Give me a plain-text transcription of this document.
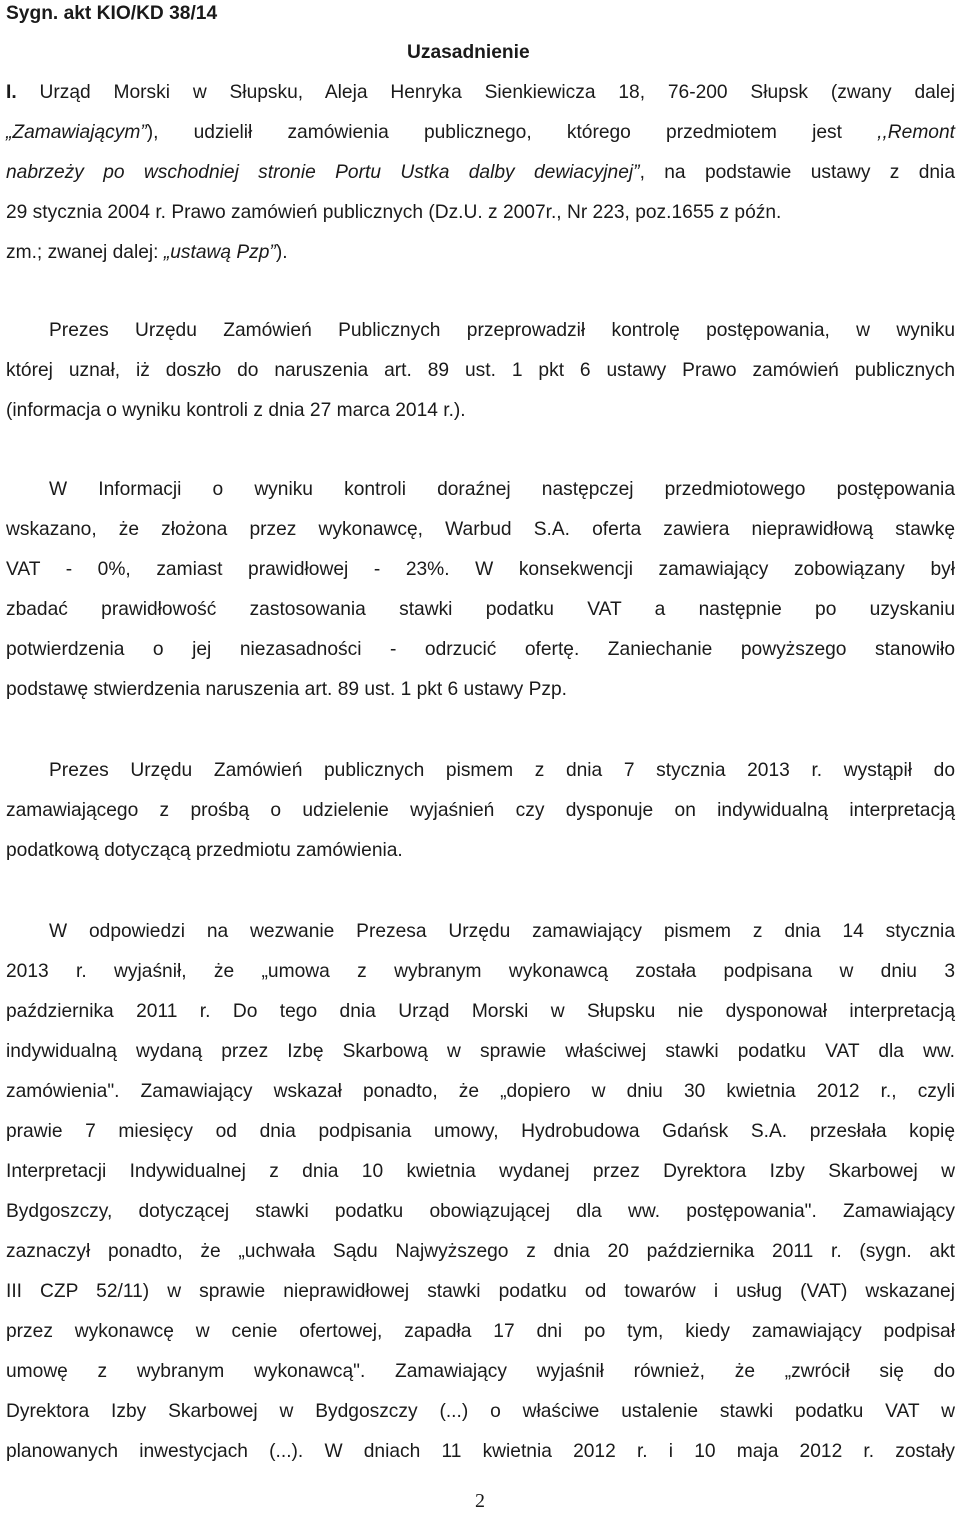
Sygn. akt KIO/KD 38/14
Uzasadnienie
I. Urząd Morski w Słupsku, Aleja Henryka Sienkiewicza 18, 76-200 Słupsk (zwany dalej
„Zamawiającym”), udzielił zamówienia publicznego, którego przedmiotem jest ,,Remont
nabrzeży po wschodniej stronie Portu Ustka dalby dewiacyjnej”, na podstawie ustawy z dnia
29 stycznia 2004 r. Prawo zamówień publicznych (Dz.U. z 2007r., Nr 223, poz.1655 z późn.
zm.; zwanej dalej: „ustawą Pzp”).
Prezes Urzędu Zamówień Publicznych przeprowadził kontrolę postępowania, w wyniku
której uznał, iż doszło do naruszenia art. 89 ust. 1 pkt 6 ustawy Prawo zamówień publicznych
(informacja o wyniku kontroli z dnia 27 marca 2014 r.).
W Informacji o wyniku kontroli doraźnej następczej przedmiotowego postępowania
wskazano, że złożona przez wykonawcę, Warbud S.A. oferta zawiera nieprawidłową stawkę
VAT - 0%, zamiast prawidłowej - 23%. W konsekwencji zamawiający zobowiązany był
zbadać prawidłowość zastosowania stawki podatku VAT a następnie po uzyskaniu
potwierdzenia o jej niezasadności - odrzucić ofertę. Zaniechanie powyższego stanowiło
podstawę stwierdzenia naruszenia art. 89 ust. 1 pkt 6 ustawy Pzp.
Prezes Urzędu Zamówień publicznych pismem z dnia 7 stycznia 2013 r. wystąpił do
zamawiającego z prośbą o udzielenie wyjaśnień czy dysponuje on indywidualną interpretacją
podatkową dotyczącą przedmiotu zamówienia.
W odpowiedzi na wezwanie Prezesa Urzędu zamawiający pismem z dnia 14 stycznia
2013 r. wyjaśnił, że „umowa z wybranym wykonawcą została podpisana w dniu 3
października 2011 r. Do tego dnia Urząd Morski w Słupsku nie dysponował interpretacją
indywidualną wydaną przez Izbę Skarbową w sprawie właściwej stawki podatku VAT dla ww.
zamówienia". Zamawiający wskazał ponadto, że „dopiero w dniu 30 kwietnia 2012 r., czyli
prawie 7 miesięcy od dnia podpisania umowy, Hydrobudowa Gdańsk S.A. przesłała kopię
Interpretacji Indywidualnej z dnia 10 kwietnia wydanej przez Dyrektora Izby Skarbowej w
Bydgoszczy, dotyczącej stawki podatku obowiązującej dla ww. postępowania". Zamawiający
zaznaczył ponadto, że „uchwała Sądu Najwyższego z dnia 20 października 2011 r. (sygn. akt
III CZP 52/11) w sprawie nieprawidłowej stawki podatku od towarów i usług (VAT) wskazanej
przez wykonawcę w cenie ofertowej, zapadła 17 dni po tym, kiedy zamawiający podpisał
umowę z wybranym wykonawcą". Zamawiający wyjaśnił również, że „zwrócił się do
Dyrektora Izby Skarbowej w Bydgoszczy (...) o właściwe ustalenie stawki podatku VAT w
planowanych inwestycjach (...). W dniach 11 kwietnia 2012 r. i 10 maja 2012 r. zostały
2
